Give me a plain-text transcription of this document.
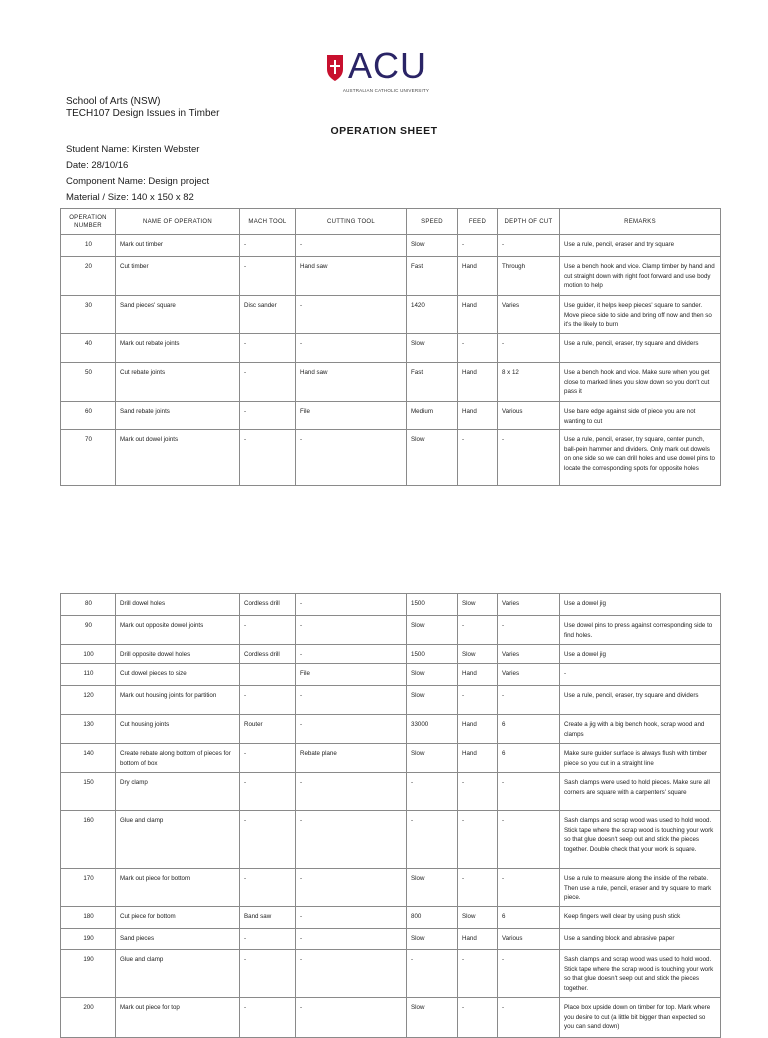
ACU
AUSTRALIAN CATHOLIC UNIVERSITY
School of Arts (NSW)
TECH107 Design Issues in Timber
OPERATION SHEET
Student Name: Kirsten Webster
Date: 28/10/16
Component Name: Design project
Material / Size: 140 x 150 x 82
OPERATION NUMBER	NAME OF OPERATION	MACH TOOL	CUTTING TOOL	SPEED	FEED	DEPTH OF CUT	REMARKS
10	Mark out timber	-	-	Slow	-	-	Use a rule, pencil, eraser and try square
20	Cut timber	-	Hand saw	Fast	Hand	Through	Use a bench hook and vice. Clamp timber by hand and cut straight down with right foot forward and use body motion to help
30	Sand pieces' square	Disc sander	-	1420	Hand	Varies	Use guider, it helps keep pieces' square to sander. Move piece side to side and bring off now and then so it's the likely to burn
40	Mark out rebate joints	-	-	Slow	-	-	Use a rule, pencil, eraser, try square and dividers
50	Cut rebate joints	-	Hand saw	Fast	Hand	8 x 12	Use a bench hook and vice. Make sure when you get close to marked lines you slow down so you don't cut pass it
60	Sand rebate joints	-	File	Medium	Hand	Various	Use bare edge against side of piece you are not wanting to cut
70	Mark out dowel joints	-	-	Slow	-	-	Use a rule, pencil, eraser, try square, center punch, ball-pein hammer and dividers. Only mark out dowels on one side so we can drill holes and use dowel pins to locate the corresponding spots for opposite holes
80	Drill dowel holes	Cordless drill	-	1500	Slow	Varies	Use a dowel jig
90	Mark out opposite dowel joints	-	-	Slow	-	-	Use dowel pins to press against corresponding side to find holes.
100	Drill opposite dowel holes	Cordless drill	-	1500	Slow	Varies	Use a dowel jig
110	Cut dowel pieces to size		File	Slow	Hand	Varies	-
120	Mark out housing joints for partition	-	-	Slow	-	-	Use a rule, pencil, eraser, try square and dividers
130	Cut housing joints	Router	-	33000	Hand	6	Create a jig with a big bench hook, scrap wood and clamps
140	Create rebate along bottom of pieces for bottom of box	-	Rebate plane	Slow	Hand	6	Make sure guider surface is always flush with timber piece so you cut in a straight line
150	Dry clamp	-	-	-	-	-	Sash clamps were used to hold pieces. Make sure all corners are square with a carpenters' square
160	Glue and clamp	-	-	-	-	-	Sash clamps and scrap wood was used to hold wood. Stick tape where the scrap wood is touching your work so that glue doesn't seep out and stick the pieces together. Double check that your work is square.
170	Mark out piece for bottom	-	-	Slow	-	-	Use a rule to measure along the inside of the rebate. Then use a rule, pencil, eraser and try square to mark piece.
180	Cut piece for bottom	Band saw	-	800	Slow	6	Keep fingers well clear by using push stick
190	Sand pieces	-	-	Slow	Hand	Various	Use a sanding block and abrasive paper
190	Glue and clamp	-	-	-	-	-	Sash clamps and scrap wood was used to hold wood. Stick tape where the scrap wood is touching your work so that glue doesn't seep out and stick the pieces together.
200	Mark out piece for top	-	-	Slow	-	-	Place box upside down on timber for top. Mark where you desire to cut (a little bit bigger than expected so you can sand down)
